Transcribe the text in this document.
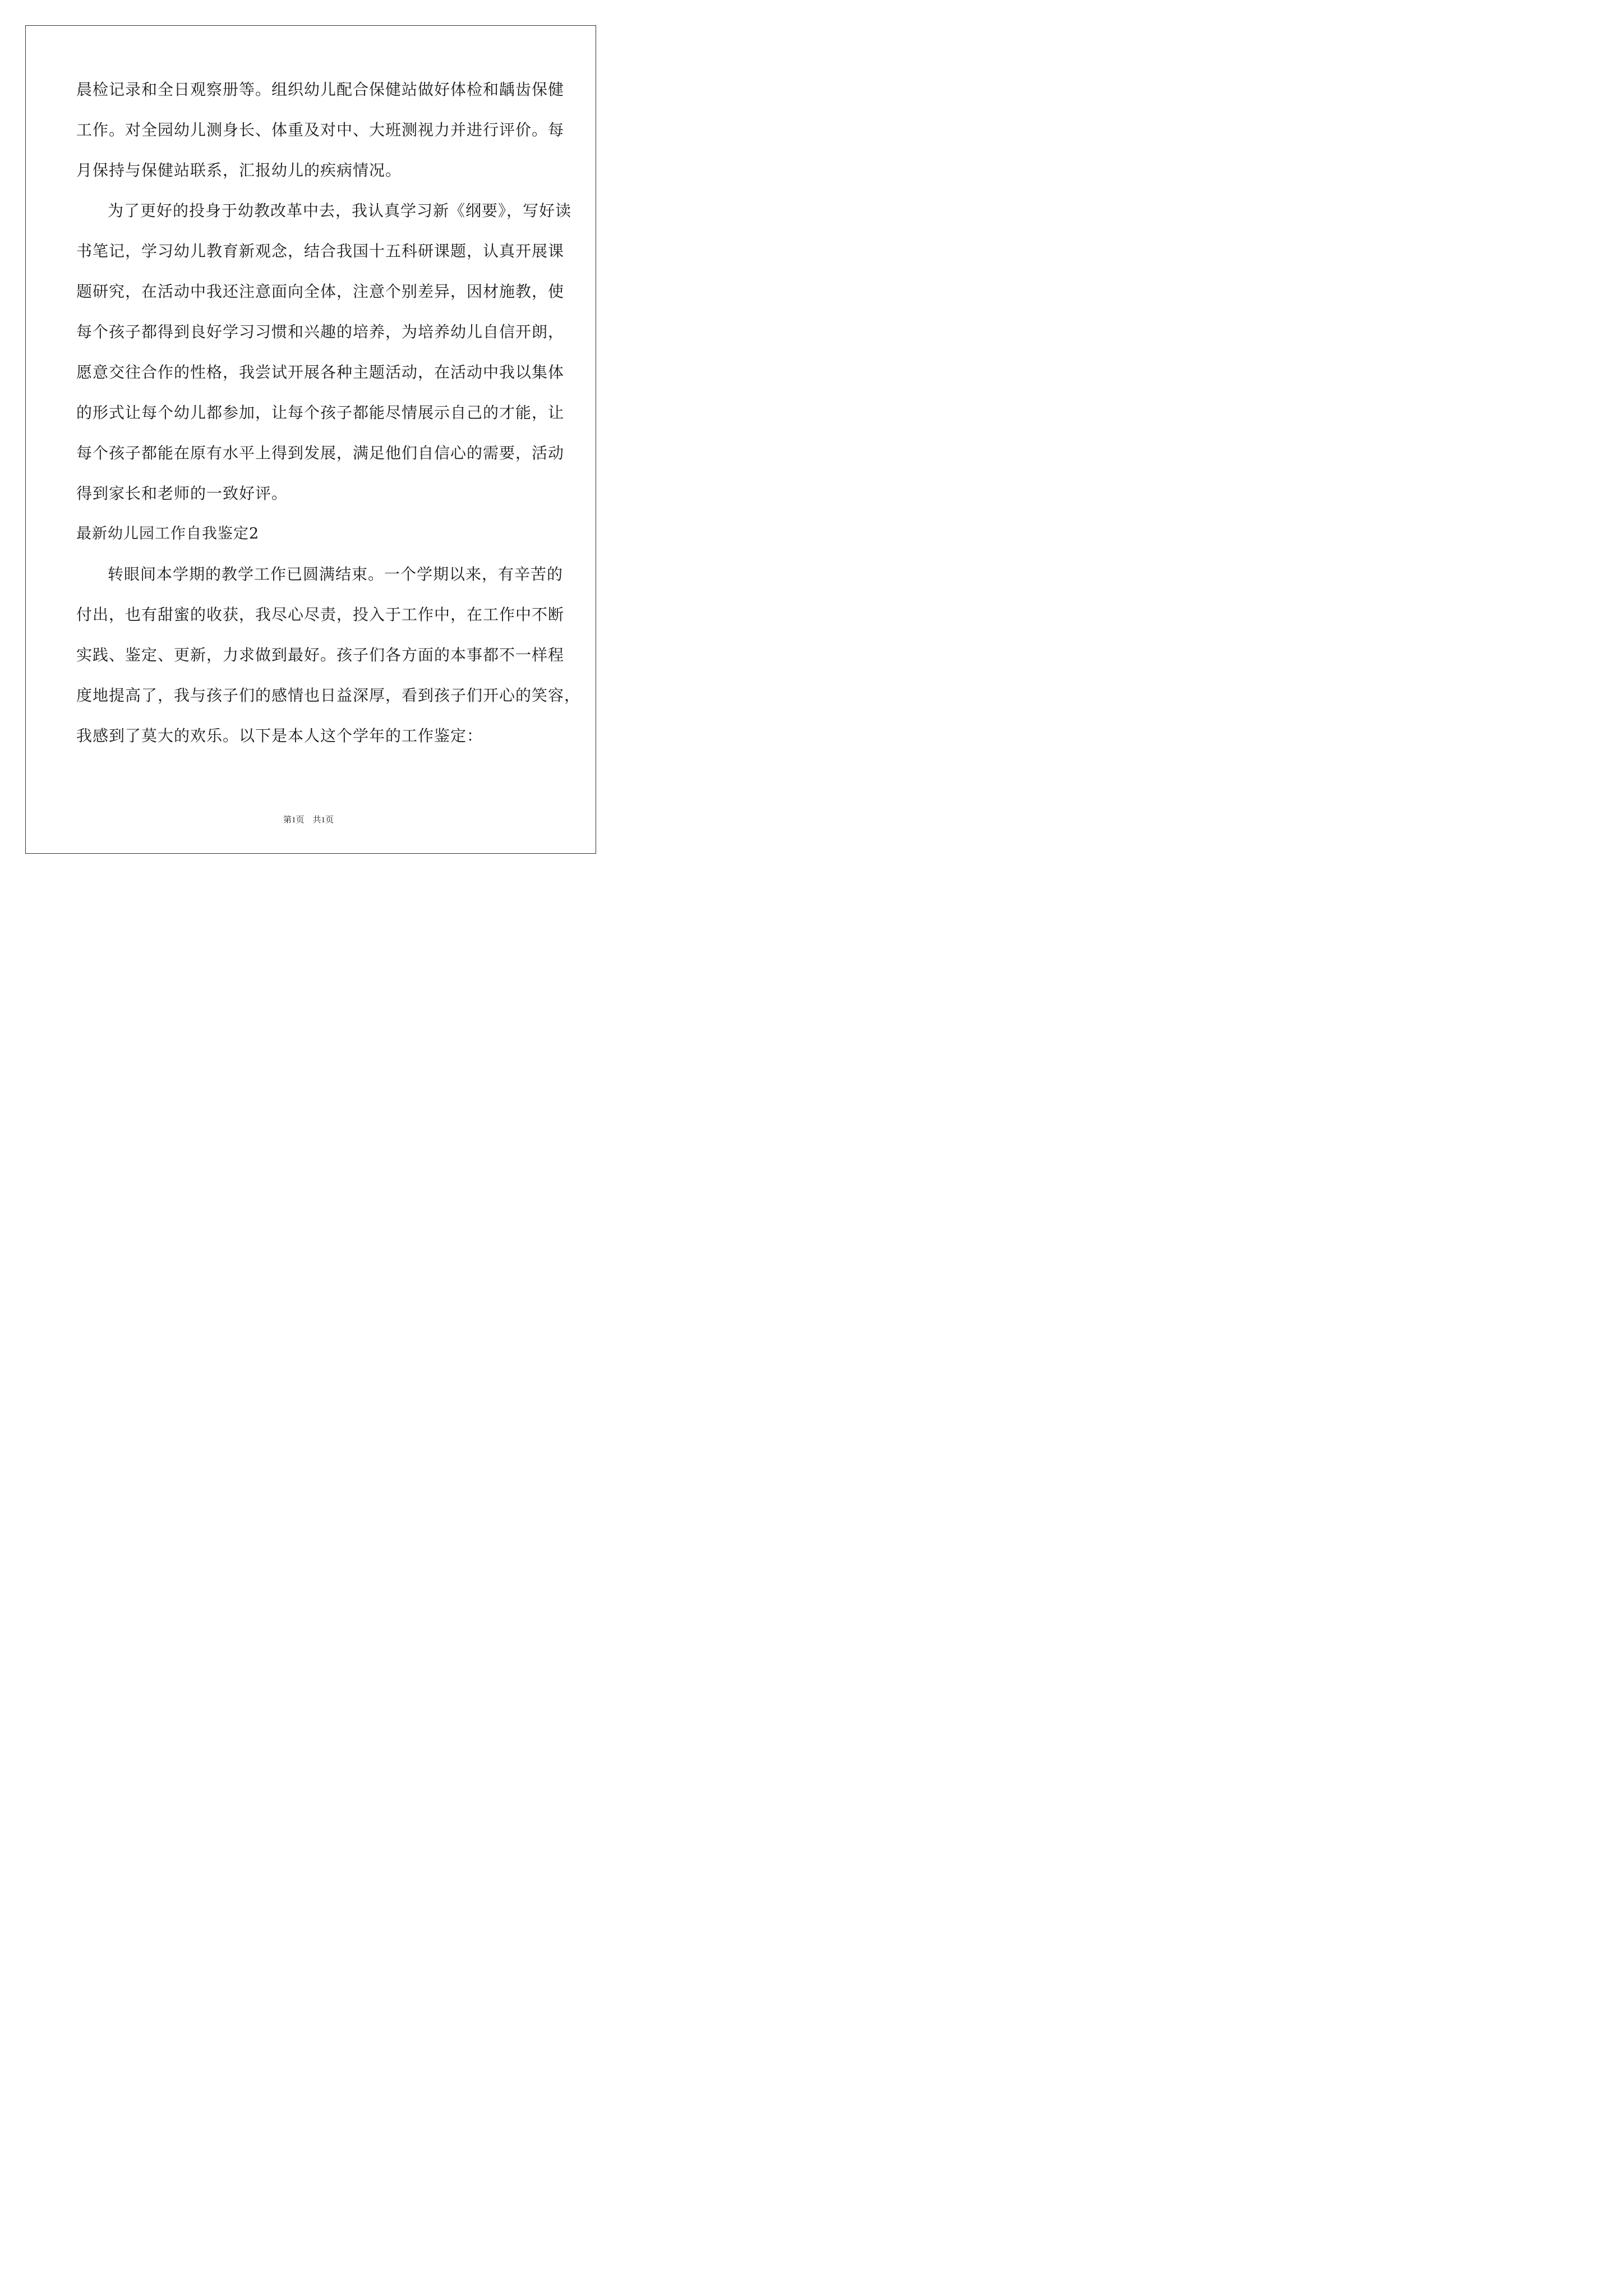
晨检记录和全日观察册等。组织幼儿配合保健站做好体检和龋齿保健
工作。对全园幼儿测身长、体重及对中、大班测视力并进行评价。每
月保持与保健站联系，汇报幼儿的疾病情况。
为了更好的投身于幼教改革中去，我认真学习新《纲要》，写好读
书笔记，学习幼儿教育新观念，结合我国十五科研课题，认真开展课
题研究，在活动中我还注意面向全体，注意个别差异，因材施教，使
每个孩子都得到良好学习习惯和兴趣的培养，为培养幼儿自信开朗，
愿意交往合作的性格，我尝试开展各种主题活动，在活动中我以集体
的形式让每个幼儿都参加，让每个孩子都能尽情展示自己的才能，让
每个孩子都能在原有水平上得到发展，满足他们自信心的需要，活动
得到家长和老师的一致好评。
最新幼儿园工作自我鉴定2
转眼间本学期的教学工作已圆满结束。一个学期以来，有辛苦的
付出，也有甜蜜的收获，我尽心尽责，投入于工作中，在工作中不断
实践、鉴定、更新，力求做到最好。孩子们各方面的本事都不一样程
度地提高了，我与孩子们的感情也日益深厚，看到孩子们开心的笑容，
我感到了莫大的欢乐。以下是本人这个学年的工作鉴定：
第1页　共1页
